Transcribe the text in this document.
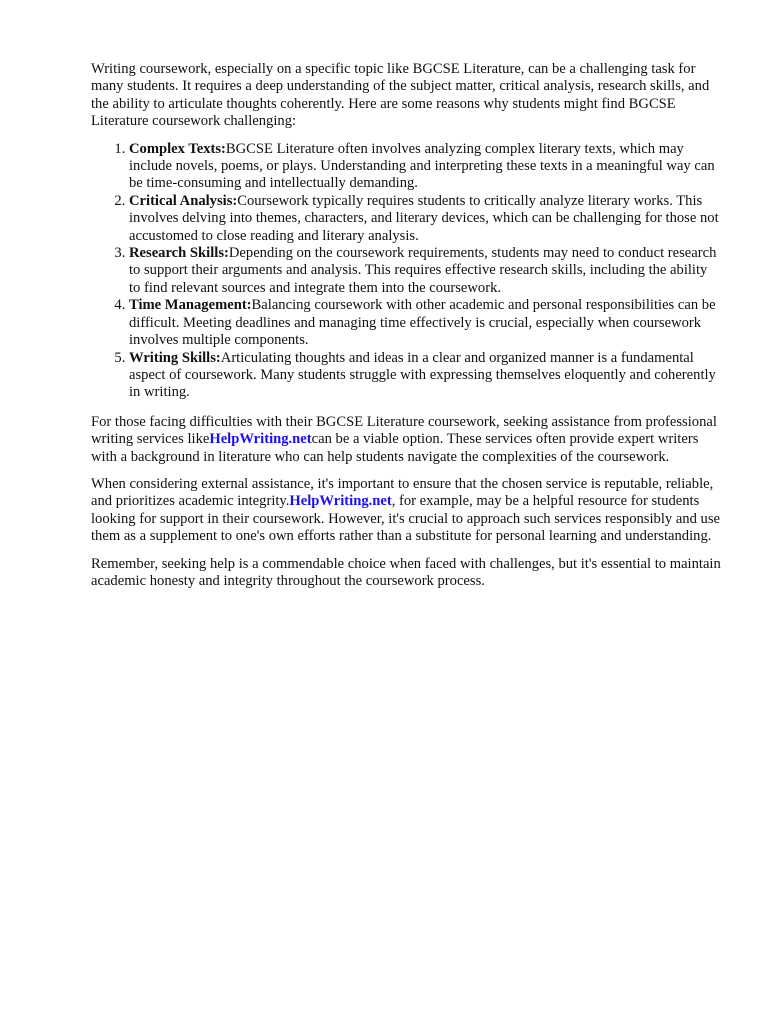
Writing coursework, especially on a specific topic like BGCSE Literature, can be a challenging task for many students. It requires a deep understanding of the subject matter, critical analysis, research skills, and the ability to articulate thoughts coherently. Here are some reasons why students might find BGCSE Literature coursework challenging:

1. Complex Texts:BGCSE Literature often involves analyzing complex literary texts, which may include novels, poems, or plays. Understanding and interpreting these texts in a meaningful way can be time-consuming and intellectually demanding.
2. Critical Analysis:Coursework typically requires students to critically analyze literary works. This involves delving into themes, characters, and literary devices, which can be challenging for those not accustomed to close reading and literary analysis.
3. Research Skills:Depending on the coursework requirements, students may need to conduct research to support their arguments and analysis. This requires effective research skills, including the ability to find relevant sources and integrate them into the coursework.
4. Time Management:Balancing coursework with other academic and personal responsibilities can be difficult. Meeting deadlines and managing time effectively is crucial, especially when coursework involves multiple components.
5. Writing Skills:Articulating thoughts and ideas in a clear and organized manner is a fundamental aspect of coursework. Many students struggle with expressing themselves eloquently and coherently in writing.

For those facing difficulties with their BGCSE Literature coursework, seeking assistance from professional writing services likeHelpWriting.netcan be a viable option. These services often provide expert writers with a background in literature who can help students navigate the complexities of the coursework.

When considering external assistance, it's important to ensure that the chosen service is reputable, reliable, and prioritizes academic integrity.HelpWriting.net, for example, may be a helpful resource for students looking for support in their coursework. However, it's crucial to approach such services responsibly and use them as a supplement to one's own efforts rather than a substitute for personal learning and understanding.

Remember, seeking help is a commendable choice when faced with challenges, but it's essential to maintain academic honesty and integrity throughout the coursework process.
